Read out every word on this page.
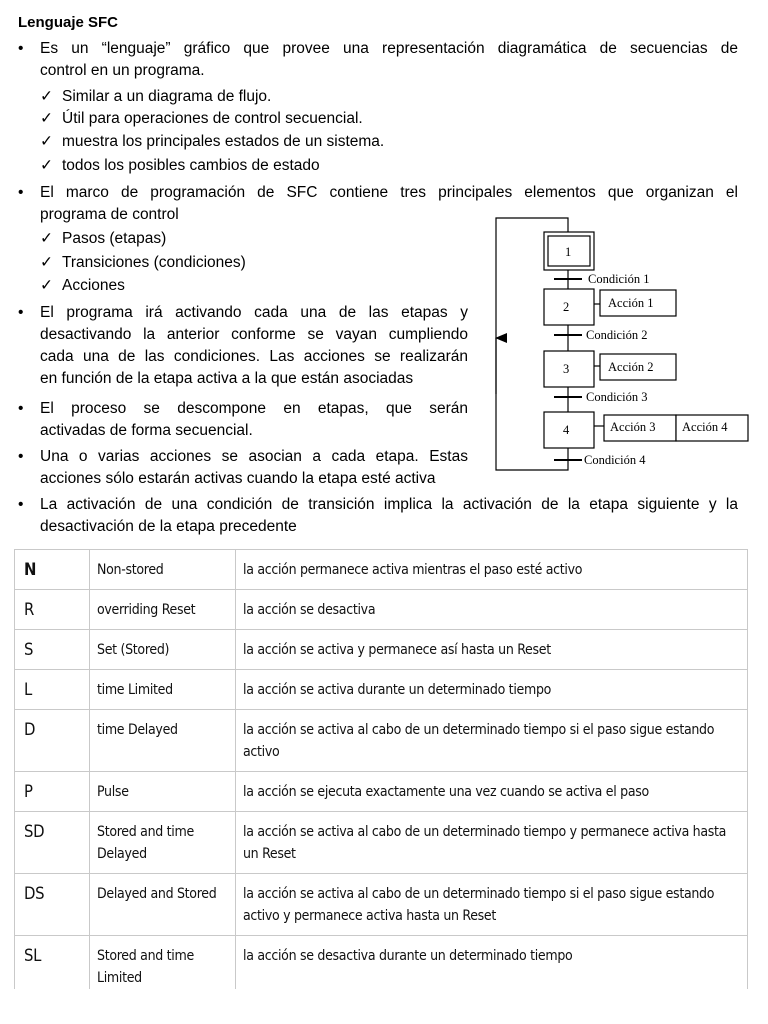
Lenguaje SFC
•	Es un “lenguaje” gráfico que provee una representación diagramática de secuencias de
control en un programa.
✓ Similar a un diagrama de flujo.
✓ Útil para operaciones de control secuencial.
✓ muestra los principales estados de un sistema.
✓ todos los posibles cambios de estado
•	El marco de programación de SFC contiene tres principales elementos que organizan el
programa de control
✓ Pasos (etapas)
✓ Transiciones (condiciones)
✓ Acciones
•	El programa irá activando cada una de las etapas y
desactivando la anterior conforme se vayan cumpliendo
cada una de las condiciones. Las acciones se realizarán
en función de la etapa activa a la que están asociadas
•	El proceso se descompone en etapas, que serán
activadas de forma secuencial.
•	Una o varias acciones se asocian a cada etapa. Estas
acciones sólo estarán activas cuando la etapa esté activa
•	La activación de una condición de transición implica la activación de la etapa siguiente y la
desactivación de la etapa precedente
1
2
3
4
Condición 1
Condición 2
Condición 3
Condición 4
Acción 1
Acción 2
Acción 3 Acción 4
N	Non-stored	la acción permanece activa mientras el paso esté activo
R	overriding Reset	la acción se desactiva
S	Set (Stored)	la acción se activa y permanece así hasta un Reset
L	time Limited	la acción se activa durante un determinado tiempo
D	time Delayed	la acción se activa al cabo de un determinado tiempo si el paso sigue estando activo
P	Pulse	la acción se ejecuta exactamente una vez cuando se activa el paso
SD	Stored and time Delayed	la acción se activa al cabo de un determinado tiempo y permanece activa hasta un Reset
DS	Delayed and Stored	la acción se activa al cabo de un determinado tiempo si el paso sigue estando activo y permanece activa hasta un Reset
SL	Stored and time Limited	la acción se desactiva durante un determinado tiempo
